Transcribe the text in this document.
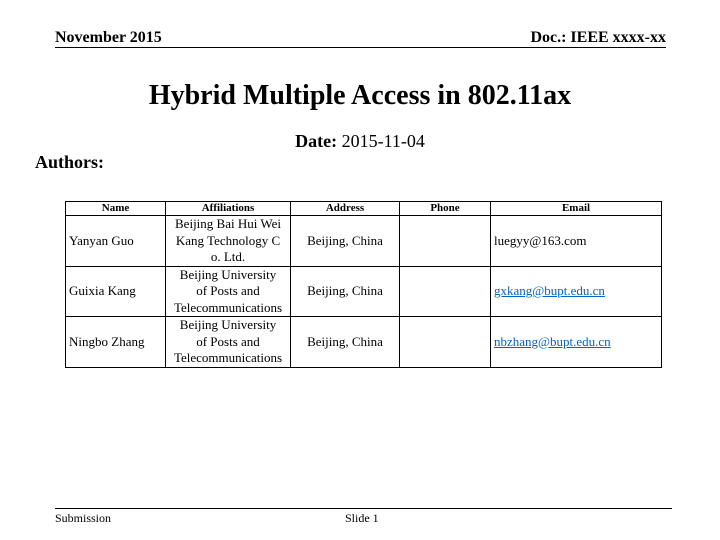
November 2015	Doc.: IEEE xxxx-xx
Hybrid Multiple Access in 802.11ax
Date: 2015-11-04
Authors:
Name	Affiliations	Address	Phone	Email
Yanyan Guo	Beijing Bai Hui Wei
Kang Technology C
o. Ltd.	Beijing, China		luegyy@163.com
Guixia Kang	Beijing University
of Posts and
Telecommunications	Beijing, China		gxkang@bupt.edu.cn
Ningbo Zhang	Beijing University
of Posts and
Telecommunications	Beijing, China		nbzhang@bupt.edu.cn
Submission	Slide 1
